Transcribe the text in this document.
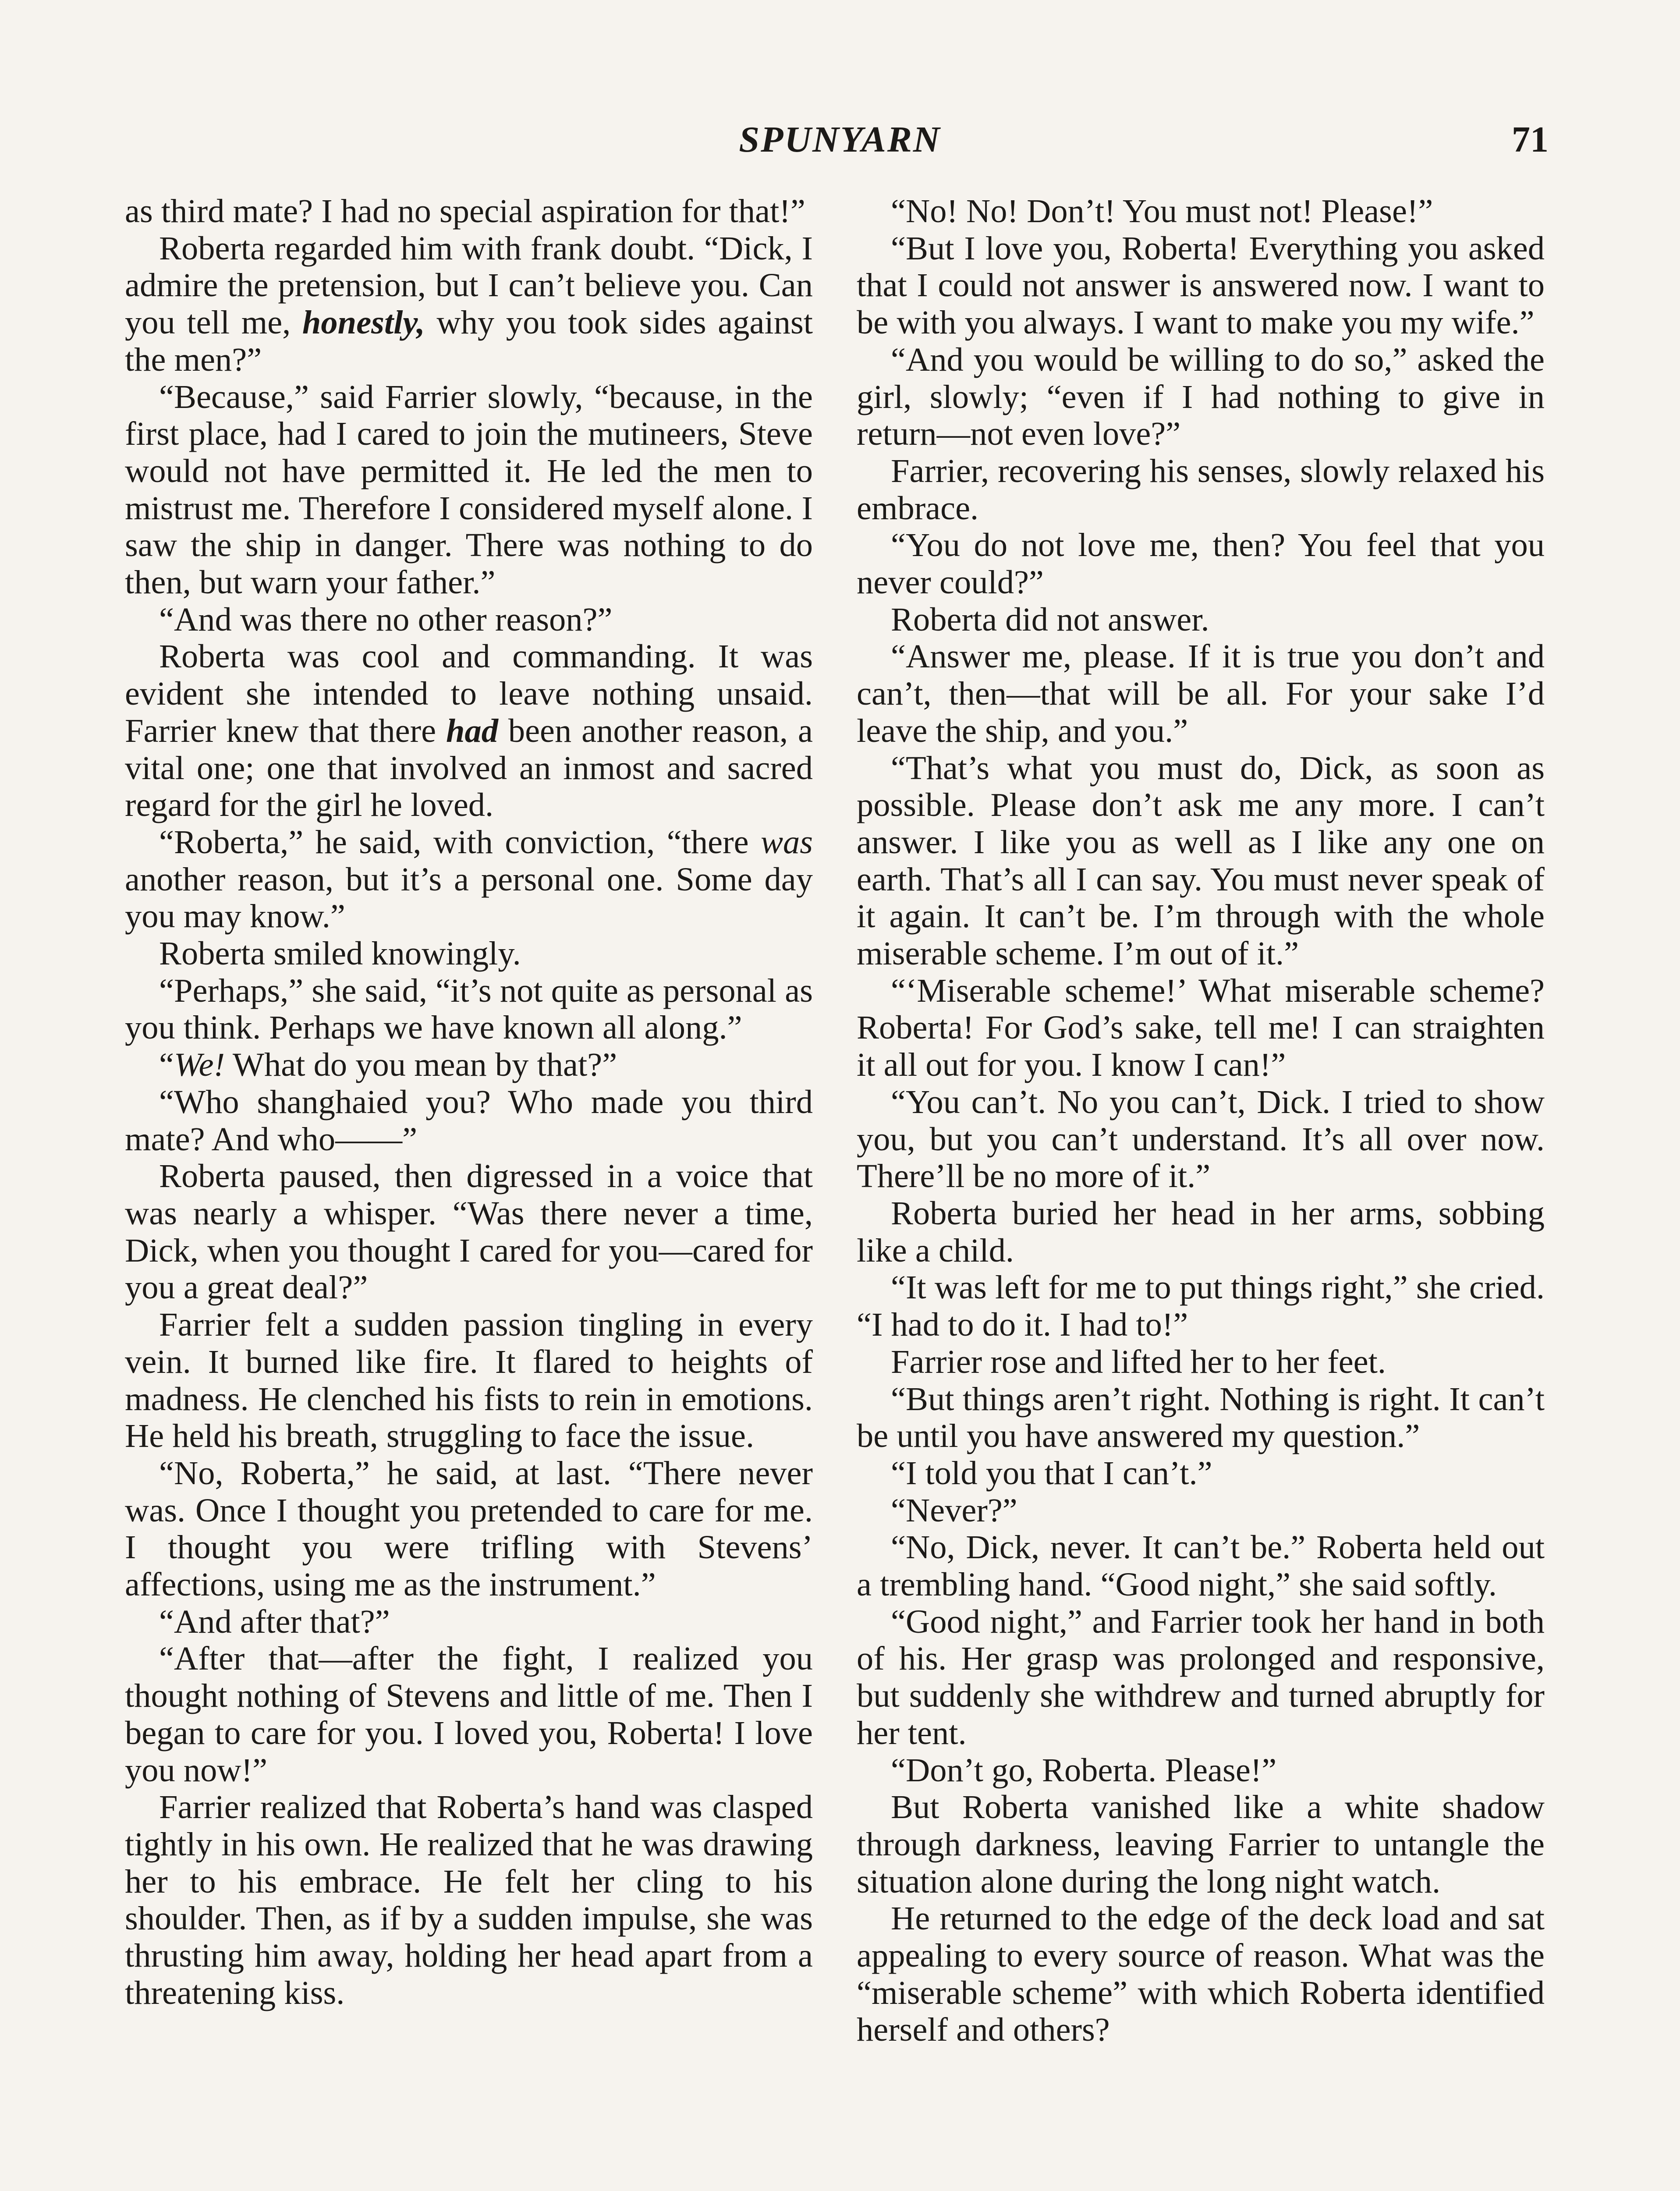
SPUNYARN	71

as third mate? I had no special aspiration for that!”

Roberta regarded him with frank doubt. “Dick, I admire the pretension, but I can’t believe you. Can you tell me, honestly, why you took sides against the men?”

“Because,” said Farrier slowly, “because, in the first place, had I cared to join the mutineers, Steve would not have permitted it. He led the men to mistrust me. Therefore I considered myself alone. I saw the ship in danger. There was nothing to do then, but warn your father.”

“And was there no other reason?”

Roberta was cool and commanding. It was evident she intended to leave nothing unsaid. Farrier knew that there had been another reason, a vital one; one that involved an inmost and sacred regard for the girl he loved.

“Roberta,” he said, with conviction, “there was another reason, but it’s a personal one. Some day you may know.”

Roberta smiled knowingly.

“Perhaps,” she said, “it’s not quite as personal as you think. Perhaps we have known all along.”

“We! What do you mean by that?”

“Who shanghaied you? Who made you third mate? And who——”

Roberta paused, then digressed in a voice that was nearly a whisper. “Was there never a time, Dick, when you thought I cared for you—cared for you a great deal?”

Farrier felt a sudden passion tingling in every vein. It burned like fire. It flared to heights of madness. He clenched his fists to rein in emotions. He held his breath, struggling to face the issue.

“No, Roberta,” he said, at last. “There never was. Once I thought you pretended to care for me. I thought you were trifling with Stevens’ affections, using me as the instrument.”

“And after that?”

“After that—after the fight, I realized you thought nothing of Stevens and little of me. Then I began to care for you. I loved you, Roberta! I love you now!”

Farrier realized that Roberta’s hand was clasped tightly in his own. He realized that he was drawing her to his embrace. He felt her cling to his shoulder. Then, as if by a sudden impulse, she was thrusting him away, holding her head apart from a threatening kiss.

“No! No! Don’t! You must not! Please!”

“But I love you, Roberta! Everything you asked that I could not answer is answered now. I want to be with you always. I want to make you my wife.”

“And you would be willing to do so,” asked the girl, slowly; “even if I had nothing to give in return—not even love?”

Farrier, recovering his senses, slowly relaxed his embrace.

“You do not love me, then? You feel that you never could?”

Roberta did not answer.

“Answer me, please. If it is true you don’t and can’t, then—that will be all. For your sake I’d leave the ship, and you.”

“That’s what you must do, Dick, as soon as possible. Please don’t ask me any more. I can’t answer. I like you as well as I like any one on earth. That’s all I can say. You must never speak of it again. It can’t be. I’m through with the whole miserable scheme. I’m out of it.”

“‘Miserable scheme!’ What miserable scheme? Roberta! For God’s sake, tell me! I can straighten it all out for you. I know I can!”

“You can’t. No you can’t, Dick. I tried to show you, but you can’t understand. It’s all over now. There’ll be no more of it.”

Roberta buried her head in her arms, sobbing like a child.

“It was left for me to put things right,” she cried. “I had to do it. I had to!”

Farrier rose and lifted her to her feet.

“But things aren’t right. Nothing is right. It can’t be until you have answered my question.”

“I told you that I can’t.”

“Never?”

“No, Dick, never. It can’t be.” Roberta held out a trembling hand. “Good night,” she said softly.

“Good night,” and Farrier took her hand in both of his. Her grasp was prolonged and responsive, but suddenly she withdrew and turned abruptly for her tent.

“Don’t go, Roberta. Please!”

But Roberta vanished like a white shadow through darkness, leaving Farrier to untangle the situation alone during the long night watch.

He returned to the edge of the deck load and sat appealing to every source of reason. What was the “miserable scheme” with which Roberta identified herself and others?
